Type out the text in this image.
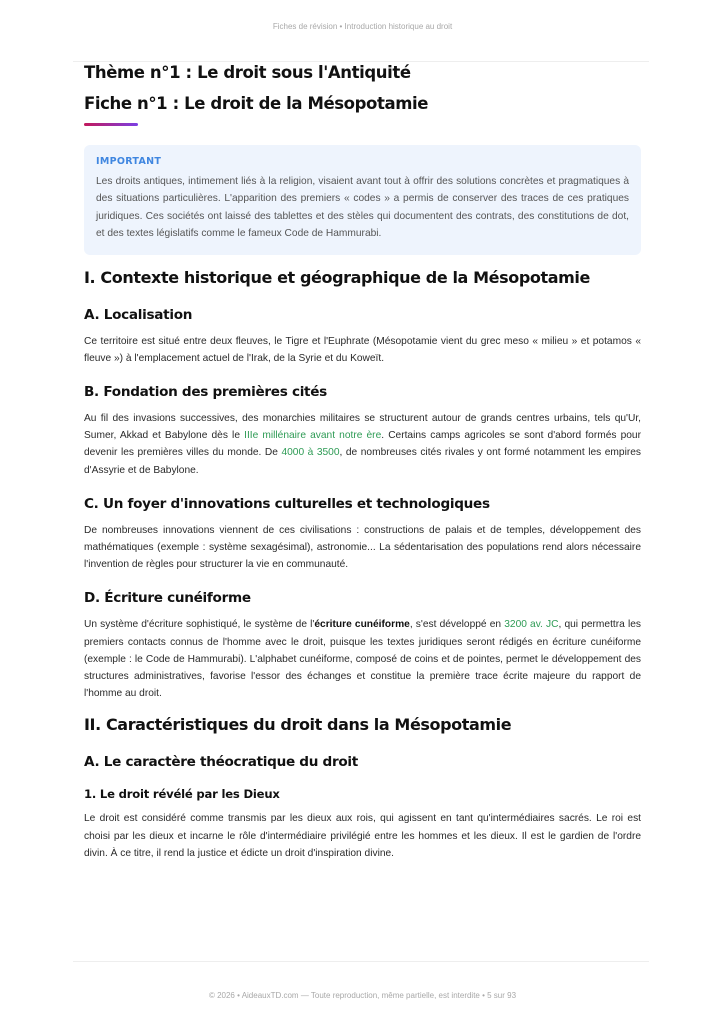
Fiches de révision • Introduction historique au droit
Thème n°1 : Le droit sous l'Antiquité
Fiche n°1 : Le droit de la Mésopotamie
IMPORTANT
Les droits antiques, intimement liés à la religion, visaient avant tout à offrir des solutions concrètes et pragmatiques à des situations particulières. L'apparition des premiers « codes » a permis de conserver des traces de ces pratiques juridiques. Ces sociétés ont laissé des tablettes et des stèles qui documentent des contrats, des constitutions de dot, et des textes législatifs comme le fameux Code de Hammurabi.
I. Contexte historique et géographique de la Mésopotamie
A. Localisation

Ce territoire est situé entre deux fleuves, le Tigre et l'Euphrate (Mésopotamie vient du grec meso « milieu » et potamos « fleuve ») à l'emplacement actuel de l'Irak, de la Syrie et du Koweït.

B. Fondation des premières cités

Au fil des invasions successives, des monarchies militaires se structurent autour de grands centres urbains, tels qu'Ur, Sumer, Akkad et Babylone dès le IIIe millénaire avant notre ère. Certains camps agricoles se sont d'abord formés pour devenir les premières villes du monde. De 4000 à 3500, de nombreuses cités rivales y ont formé notamment les empires d'Assyrie et de Babylone.

C. Un foyer d'innovations culturelles et technologiques

De nombreuses innovations viennent de ces civilisations : constructions de palais et de temples, développement des mathématiques (exemple : système sexagésimal), astronomie... La sédentarisation des populations rend alors nécessaire l'invention de règles pour structurer la vie en communauté.

D. Écriture cunéiforme

Un système d'écriture sophistiqué, le système de l'écriture cunéiforme, s'est développé en 3200 av. JC, qui permettra les premiers contacts connus de l'homme avec le droit, puisque les textes juridiques seront rédigés en écriture cunéiforme (exemple : le Code de Hammurabi). L'alphabet cunéiforme, composé de coins et de pointes, permet le développement des structures administratives, favorise l'essor des échanges et constitue la première trace écrite majeure du rapport de l'homme au droit.

II. Caractéristiques du droit dans la Mésopotamie
A. Le caractère théocratique du droit
1. Le droit révélé par les Dieux

Le droit est considéré comme transmis par les dieux aux rois, qui agissent en tant qu'intermédiaires sacrés. Le roi est choisi par les dieux et incarne le rôle d'intermédiaire privilégié entre les hommes et les dieux. Il est le gardien de l'ordre divin. À ce titre, il rend la justice et édicte un droit d'inspiration divine.

© 2026 • AideauxTD.com — Toute reproduction, même partielle, est interdite • 5 sur 93
